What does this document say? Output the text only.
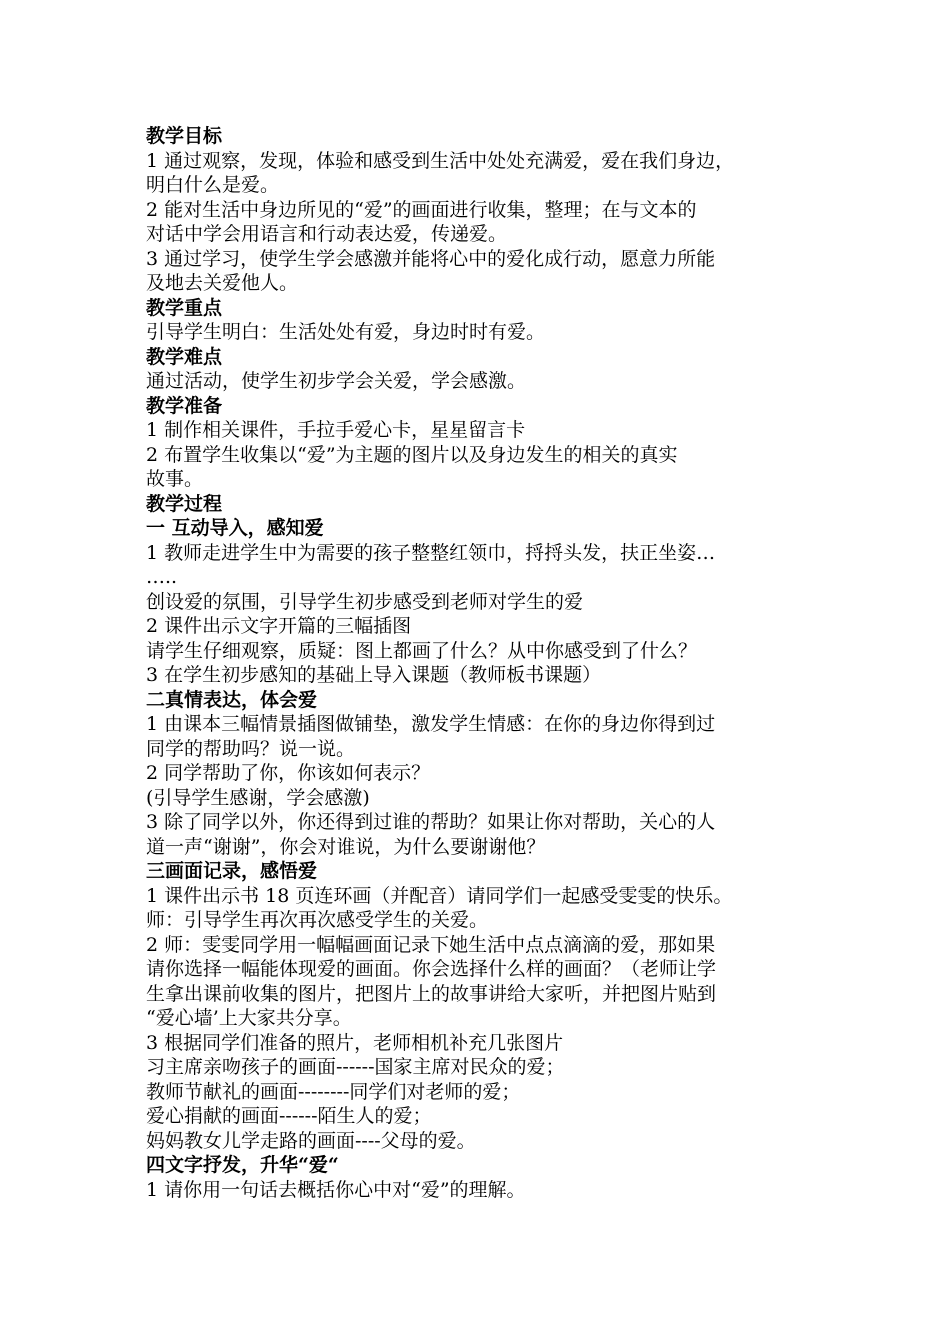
教学目标
1 通过观察，发现，体验和感受到生活中处处充满爱，爱在我们身边，
明白什么是爱。
2 能对生活中身边所见的“爱”的画面进行收集，整理；在与文本的
对话中学会用语言和行动表达爱，传递爱。
3 通过学习，使学生学会感激并能将心中的爱化成行动，愿意力所能
及地去关爱他人。
教学重点
引导学生明白：生活处处有爱，身边时时有爱。
教学难点
通过活动，使学生初步学会关爱，学会感激。
教学准备
1 制作相关课件，手拉手爱心卡，星星留言卡
2 布置学生收集以“爱”为主题的图片以及身边发生的相关的真实
故事。
教学过程
一 互动导入，感知爱
1 教师走进学生中为需要的孩子整整红领巾，捋捋头发，扶正坐姿…
…..
创设爱的氛围，引导学生初步感受到老师对学生的爱
2 课件出示文字开篇的三幅插图
请学生仔细观察，质疑：图上都画了什么？从中你感受到了什么？
3 在学生初步感知的基础上导入课题（教师板书课题）
二真情表达，体会爱
1 由课本三幅情景插图做铺垫，激发学生情感：在你的身边你得到过
同学的帮助吗？说一说。
2 同学帮助了你，你该如何表示？
(引导学生感谢，学会感激)
3 除了同学以外，你还得到过谁的帮助？如果让你对帮助，关心的人
道一声“谢谢”，你会对谁说，为什么要谢谢他？
三画面记录，感悟爱
1 课件出示书 18 页连环画（并配音）请同学们一起感受雯雯的快乐。
师：引导学生再次再次感受学生的关爱。
2 师：雯雯同学用一幅幅画面记录下她生活中点点滴滴的爱，那如果
请你选择一幅能体现爱的画面。你会选择什么样的画面？（老师让学
生拿出课前收集的图片，把图片上的故事讲给大家听，并把图片贴到
“爱心墙’上大家共分享。
3 根据同学们准备的照片，老师相机补充几张图片
习主席亲吻孩子的画面------国家主席对民众的爱；
教师节献礼的画面--------同学们对老师的爱；
爱心捐献的画面------陌生人的爱；
妈妈教女儿学走路的画面----父母的爱。
四文字抒发，升华“爱“
1 请你用一句话去概括你心中对“爱”的理解。
